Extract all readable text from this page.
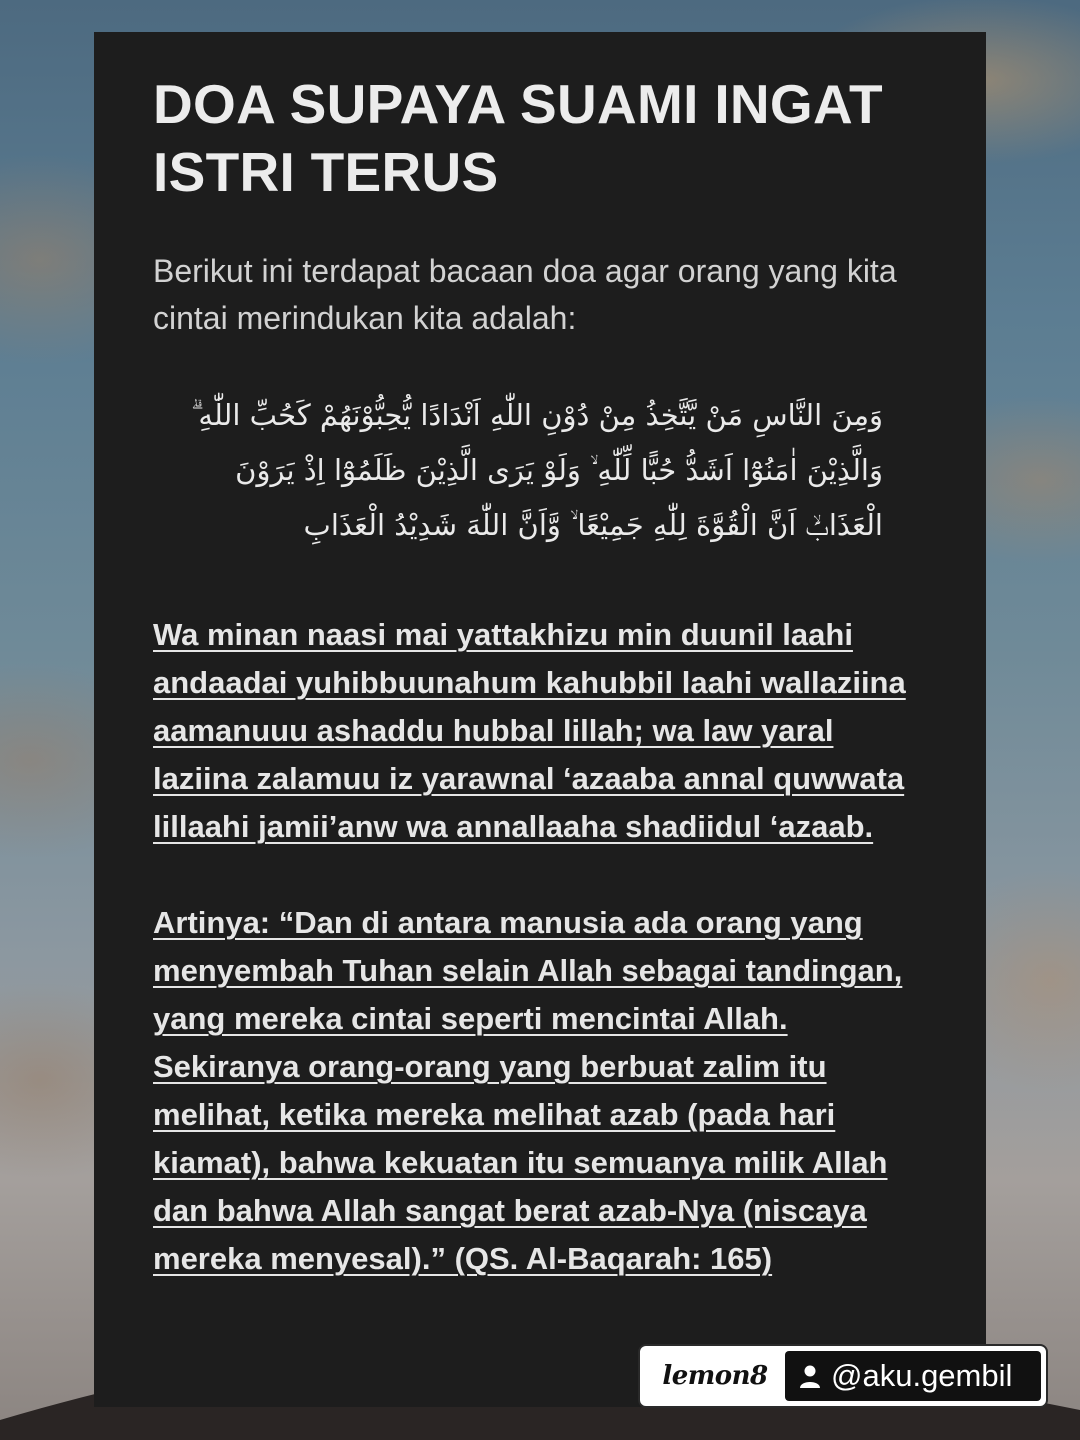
DOA SUPAYA SUAMI INGAT ISTRI TERUS

Berikut ini terdapat bacaan doa agar orang yang kita cintai merindukan kita adalah:

وَمِنَ النَّاسِ مَنْ يَّتَّخِذُ مِنْ دُوْنِ اللّٰهِ اَنْدَادًا يُّحِبُّوْنَهُمْ كَحُبِّ اللّٰهِ ۗ وَالَّذِيْنَ اٰمَنُوْٓا اَشَدُّ حُبًّا لِّلّٰهِ ۙ وَلَوْ يَرَى الَّذِيْنَ ظَلَمُوْٓا اِذْ يَرَوْنَ الْعَذَابَۙ اَنَّ الْقُوَّةَ لِلّٰهِ جَمِيْعًا ۙ وَّاَنَّ اللّٰهَ شَدِيْدُ الْعَذَابِ

Wa minan naasi mai yattakhizu min duunil laahi andaadai yuhibbuunahum kahubbil laahi wallaziina aamanuuu ashaddu hubbal lillah; wa law yaral laziina zalamuu iz yarawnal ‘azaaba annal quwwata lillaahi jamii’anw wa annallaaha shadiidul ‘azaab.

Artinya: “Dan di antara manusia ada orang yang menyembah Tuhan selain Allah sebagai tandingan, yang mereka cintai seperti mencintai Allah. Sekiranya orang-orang yang berbuat zalim itu melihat, ketika mereka melihat azab (pada hari kiamat), bahwa kekuatan itu semuanya milik Allah dan bahwa Allah sangat berat azab-Nya (niscaya mereka menyesal).” (QS. Al-Baqarah: 165)

lemon8	@aku.gembil
